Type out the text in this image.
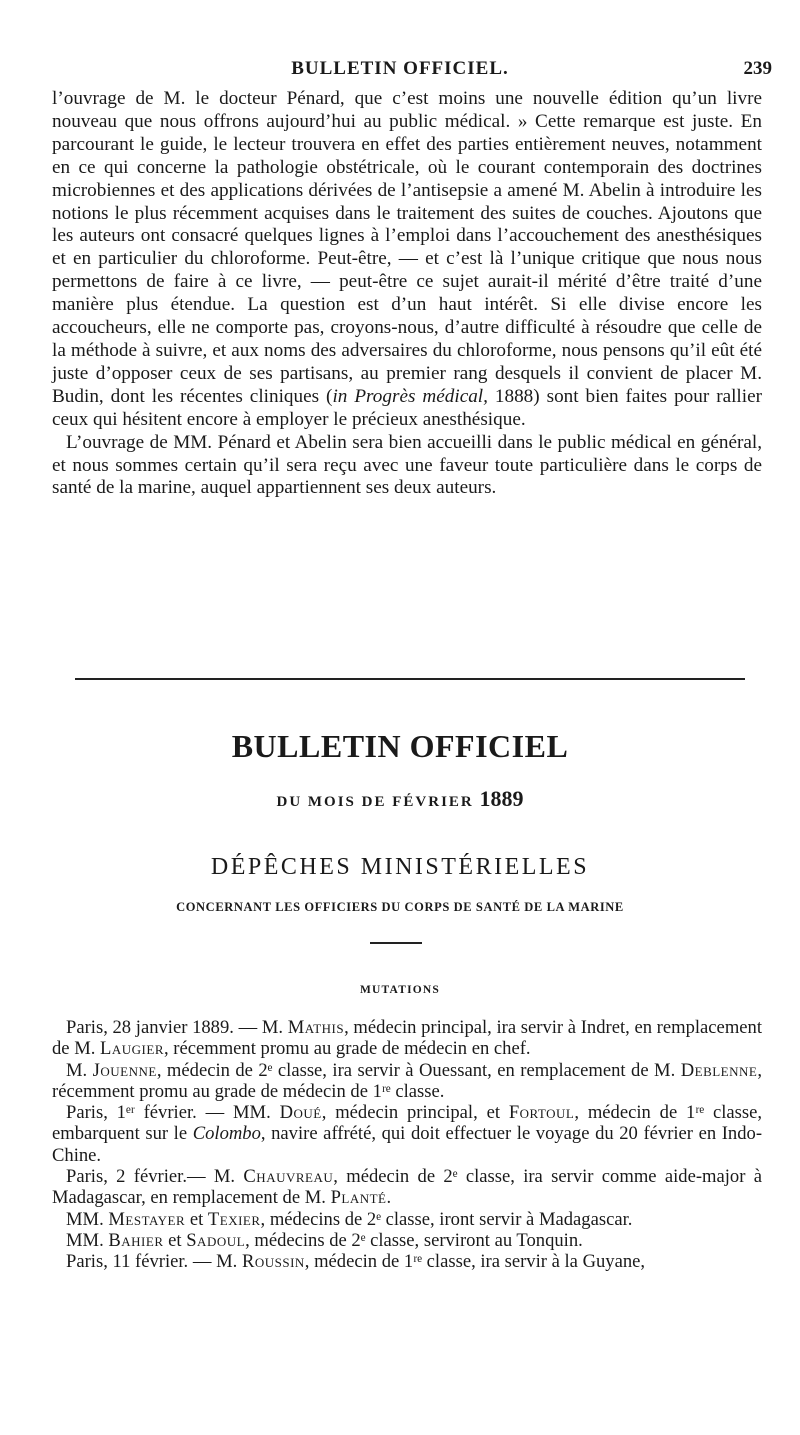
BULLETIN OFFICIEL.	239

l’ouvrage de M. le docteur Pénard, que c’est moins une nouvelle édition qu’un livre nouveau que nous offrons aujourd’hui au public médical. » Cette remarque est juste. En parcourant le guide, le lecteur trouvera en effet des parties entièrement neuves, notamment en ce qui concerne la pathologie obstétricale, où le courant contemporain des doctrines microbiennes et des applications dérivées de l’antisepsie a amené M. Abelin à introduire les notions le plus récemment acquises dans le traitement des suites de couches. Ajoutons que les auteurs ont consacré quelques lignes à l’emploi dans l’accouchement des anesthésiques et en particulier du chloroforme. Peut-être, — et c’est là l’unique critique que nous nous permettons de faire à ce livre, — peut-être ce sujet aurait-il mérité d’être traité d’une manière plus étendue. La question est d’un haut intérêt. Si elle divise encore les accoucheurs, elle ne comporte pas, croyons-nous, d’autre difficulté à résoudre que celle de la méthode à suivre, et aux noms des adversaires du chloroforme, nous pensons qu’il eût été juste d’opposer ceux de ses partisans, au premier rang desquels il convient de placer M. Budin, dont les récentes cliniques (in Progrès médical, 1888) sont bien faites pour rallier ceux qui hésitent encore à employer le précieux anesthésique.

L’ouvrage de MM. Pénard et Abelin sera bien accueilli dans le public médical en général, et nous sommes certain qu’il sera reçu avec une faveur toute particulière dans le corps de santé de la marine, auquel appartiennent ses deux auteurs.

BULLETIN OFFICIEL
DU MOIS DE FÉVRIER 1889
DÉPÊCHES MINISTÉRIELLES
CONCERNANT LES OFFICIERS DU CORPS DE SANTÉ DE LA MARINE
MUTATIONS

Paris, 28 janvier 1889. — M. Mathis, médecin principal, ira servir à Indret, en remplacement de M. Laugier, récemment promu au grade de médecin en chef.

M. Jouenne, médecin de 2ᵉ classe, ira servir à Ouessant, en remplacement de M. Deblenne, récemment promu au grade de médecin de 1ʳᵉ classe.

Paris, 1ᵉʳ février. — MM. Doué, médecin principal, et Fortoul, médecin de 1ʳᵉ classe, embarquent sur le Colombo, navire affrété, qui doit effectuer le voyage du 20 février en Indo-Chine.

Paris, 2 février.— M. Chauvreau, médecin de 2ᵉ classe, ira servir comme aide-major à Madagascar, en remplacement de M. Planté.

MM. Mestayer et Texier, médecins de 2ᵉ classe, iront servir à Madagascar.

MM. Bahier et Sadoul, médecins de 2ᵉ classe, serviront au Tonquin.

Paris, 11 février. — M. Roussin, médecin de 1ʳᵉ classe, ira servir à la Guyane,
